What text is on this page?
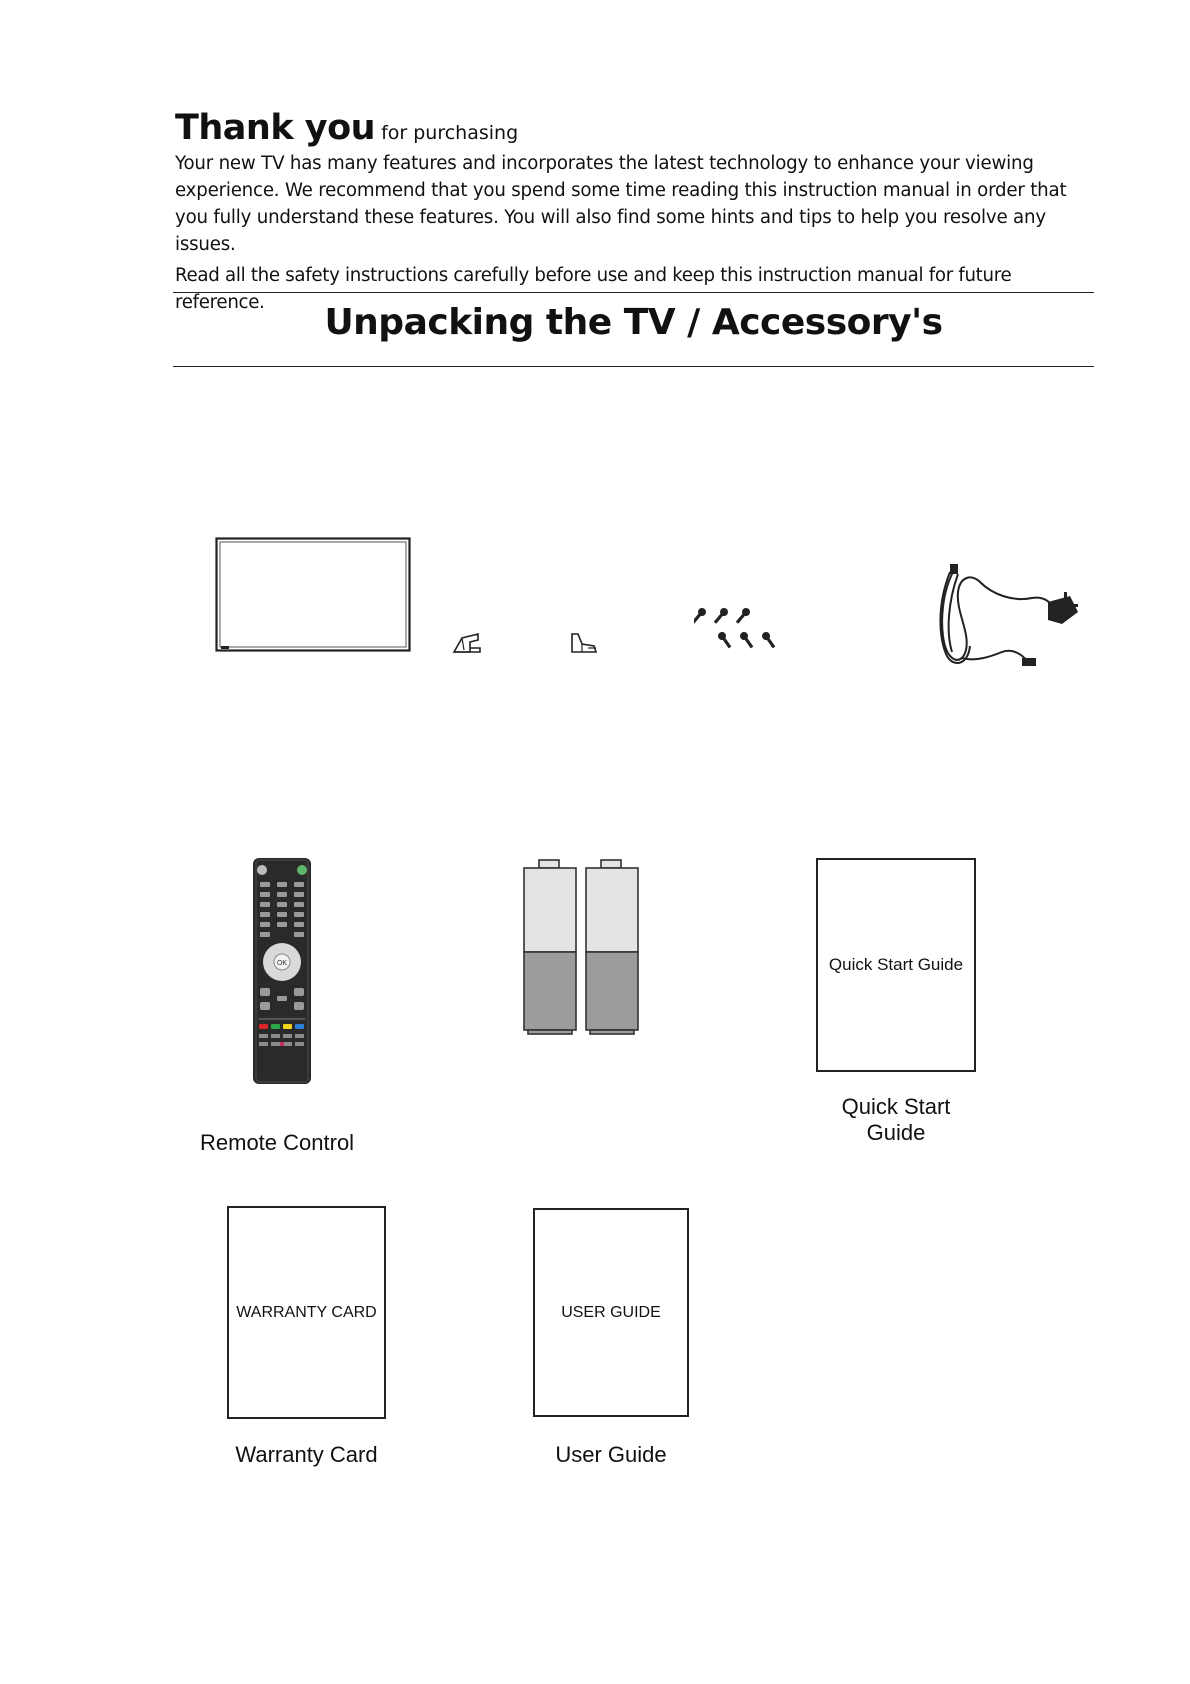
Thank you for purchasing

Your new TV has many features and incorporates the latest technology to enhance your viewing experience. We recommend that you spend some time reading this instruction manual in order that you fully understand these features. You will also find some hints and tips to help you resolve any issues.

Read all the safety instructions carefully before use and keep this instruction manual for future reference.	Unpacking the TV / Accessory's
OK
Remote Control
Quick Start Guide
Quick Start Guide
WARRANTY CARD
Warranty Card
USER GUIDE
User Guide
